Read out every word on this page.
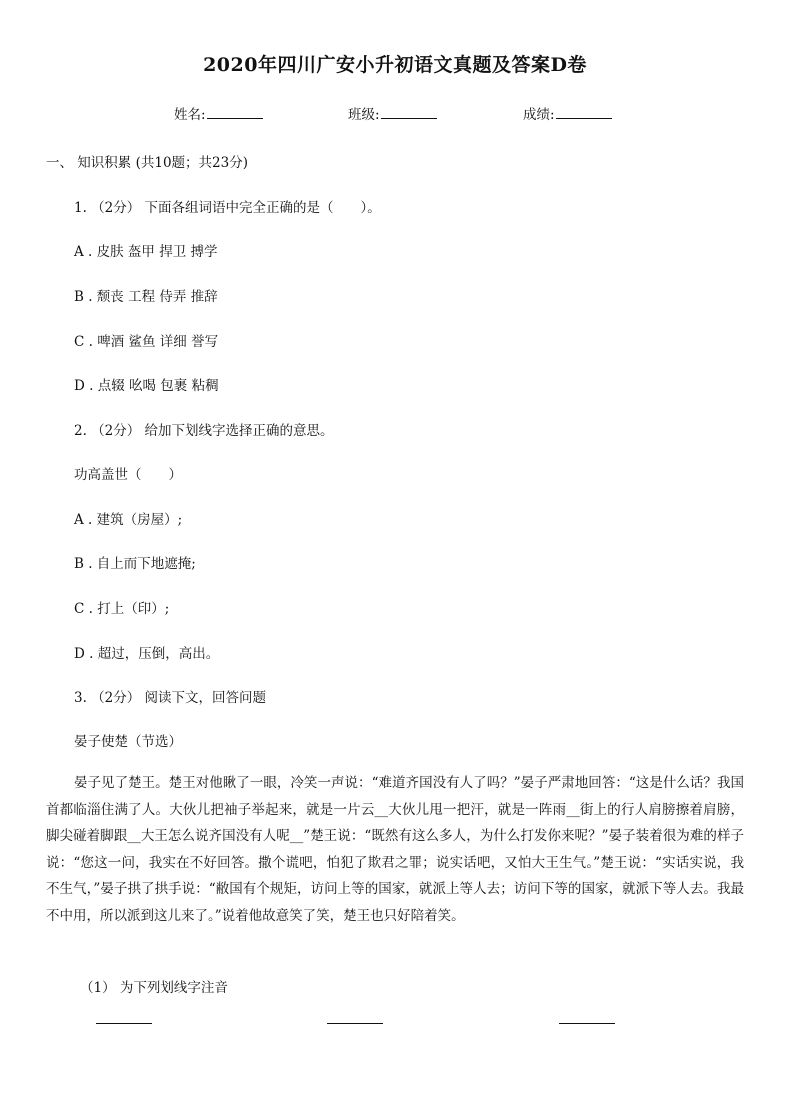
2020年四川广安小升初语文真题及答案D卷
姓名:	班级:	成绩:
一、 知识积累 (共10题；共23分)
1. （2分） 下面各组词语中完全正确的是（　　）。
A . 皮肤 盔甲 捍卫 搏学
B . 颓丧 工程 侍弄 推辞
C . 啤酒 鲨鱼 详细 誉写
D . 点辍 吆喝 包裹 粘稠
2. （2分） 给加下划线字选择正确的意思。
功高盖世（　　）
A . 建筑（房屋）;
B . 自上而下地遮掩;
C . 打上（印）;
D . 超过，压倒，高出。
3. （2分） 阅读下文，回答问题
晏子使楚（节选）
晏子见了楚王。楚王对他瞅了一眼，冷笑一声说：“难道齐国没有人了吗？”晏子严肃地回答：“这是什么话？我国首都临淄住满了人。大伙儿把袖子举起来，就是一片云__大伙儿甩一把汗，就是一阵雨__街上的行人肩膀擦着肩膀，脚尖碰着脚跟__大王怎么说齐国没有人呢__”楚王说：“既然有这么多人，为什么打发你来呢？”晏子装着很为难的样子说：“您这一问，我实在不好回答。撒个谎吧，怕犯了欺君之罪；说实话吧，又怕大王生气。”楚王说：“实话实说，我不生气，”晏子拱了拱手说：“敝国有个规矩，访问上等的国家，就派上等人去；访问下等的国家，就派下等人去。我最不中用，所以派到这儿来了。”说着他故意笑了笑，楚王也只好陪着笑。
（1） 为下列划线字注音
